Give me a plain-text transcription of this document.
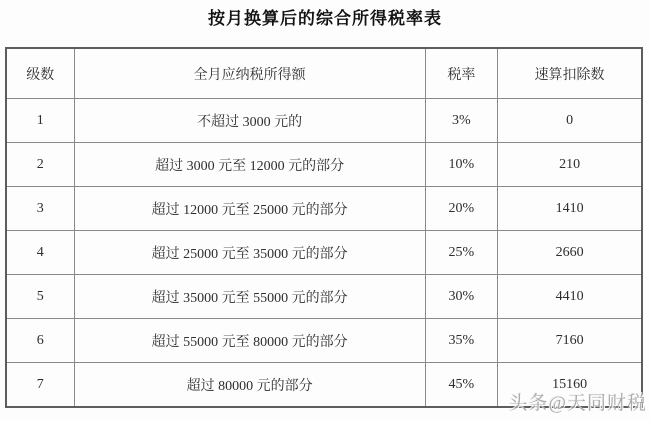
按月换算后的综合所得税率表
级数	全月应纳税所得额	税率	速算扣除数
1	不超过 3000 元的	3%	0
2	超过 3000 元至 12000 元的部分	10%	210
3	超过 12000 元至 25000 元的部分	20%	1410
4	超过 25000 元至 35000 元的部分	25%	2660
5	超过 35000 元至 55000 元的部分	30%	4410
6	超过 55000 元至 80000 元的部分	35%	7160
7	超过 80000 元的部分	45%	15160
头条@天同财税
